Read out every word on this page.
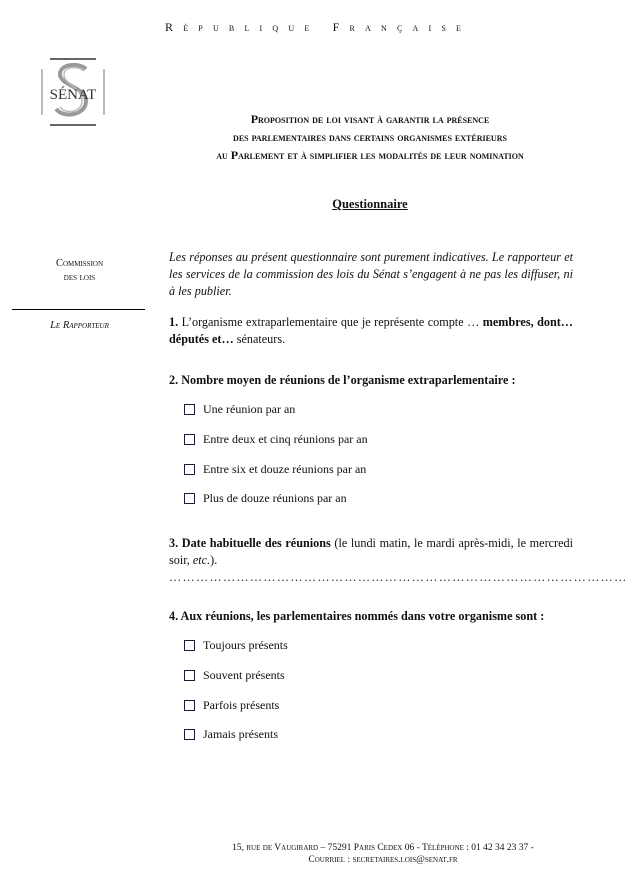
République Française
SÉNAT
Proposition de loi visant à garantir la présence
des parlementaires dans certains organismes extérieurs
au Parlement et à simplifier les modalités de leur nomination
Questionnaire
Commission
des lois
Le Rapporteur
Les réponses au présent questionnaire sont purement indicatives. Le rapporteur et les services de la commission des lois du Sénat s’engagent à ne pas les diffuser, ni à les publier.
1. L’organisme extraparlementaire que je représente compte … membres, dont… députés et… sénateurs.
2. Nombre moyen de réunions de l’organisme extraparlementaire :
Une réunion par an
Entre deux et cinq réunions par an
Entre six et douze réunions par an
Plus de douze réunions par an
3. Date habituelle des réunions (le lundi matin, le mardi après-midi, le mercredi soir, etc.).
…………………………………………………………………………………………
4. Aux réunions, les parlementaires nommés dans votre organisme sont :
Toujours présents
Souvent présents
Parfois présents
Jamais présents
15, rue de Vaugirard – 75291 Paris Cedex 06 - Téléphone : 01 42 34 23 37 -
Courriel : secretaires.lois@senat.fr
